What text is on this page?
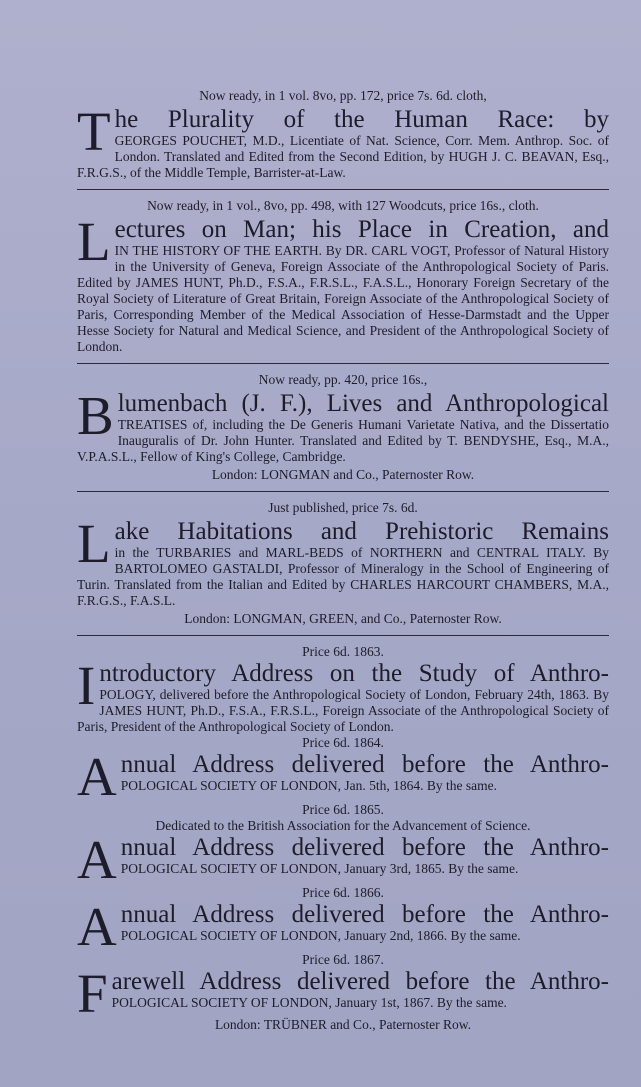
Now ready, in 1 vol. 8vo, pp. 172, price 7s. 6d. cloth,

T he Plurality of the Human Race: by

GEORGES POUCHET, M.D., Licentiate of Nat. Science, Corr. Mem. Anthrop. Soc. of London. Translated and Edited from the Second Edition, by HUGH J. C. BEAVAN, Esq., F.R.G.S., of the Middle Temple, Barrister-at-Law.

Now ready, in 1 vol., 8vo, pp. 498, with 127 Woodcuts, price 16s., cloth.

L ectures on Man; his Place in Creation, and

IN THE HISTORY OF THE EARTH. By DR. CARL VOGT, Professor of Natural History in the University of Geneva, Foreign Associate of the Anthropological Society of Paris. Edited by JAMES HUNT, Ph.D., F.S.A., F.R.S.L., F.A.S.L., Honorary Foreign Secretary of the Royal Society of Literature of Great Britain, Foreign Associate of the Anthropological Society of Paris, Corresponding Member of the Medical Association of Hesse-Darmstadt and the Upper Hesse Society for Natural and Medical Science, and President of the Anthropological Society of London.

Now ready, pp. 420, price 16s.,

B lumenbach (J. F.), Lives and Anthropological

TREATISES of, including the De Generis Humani Varietate Nativa, and the Dissertatio Inauguralis of Dr. John Hunter. Translated and Edited by T. BENDYSHE, Esq., M.A., V.P.A.S.L., Fellow of King's College, Cambridge.

London: LONGMAN and Co., Paternoster Row.

Just published, price 7s. 6d.

L ake Habitations and Prehistoric Remains

in the TURBARIES and MARL-BEDS of NORTHERN and CENTRAL ITALY. By BARTOLOMEO GASTALDI, Professor of Mineralogy in the School of Engineering of Turin. Translated from the Italian and Edited by CHARLES HARCOURT CHAMBERS, M.A., F.R.G.S., F.A.S.L.

London: LONGMAN, GREEN, and Co., Paternoster Row.

Price 6d. 1863.

I ntroductory Address on the Study of Anthro-

POLOGY, delivered before the Anthropological Society of London, February 24th, 1863. By JAMES HUNT, Ph.D., F.S.A., F.R.S.L., Foreign Associate of the Anthropological Society of Paris, President of the Anthropological Society of London.

Price 6d. 1864.

A nnual Address delivered before the Anthro-

POLOGICAL SOCIETY OF LONDON, Jan. 5th, 1864. By the same.

Price 6d. 1865.

Dedicated to the British Association for the Advancement of Science.

A nnual Address delivered before the Anthro-

POLOGICAL SOCIETY OF LONDON, January 3rd, 1865. By the same.

Price 6d. 1866.

A nnual Address delivered before the Anthro-

POLOGICAL SOCIETY OF LONDON, January 2nd, 1866. By the same.

Price 6d. 1867.

F arewell Address delivered before the Anthro-

POLOGICAL SOCIETY OF LONDON, January 1st, 1867. By the same.

London: TRÜBNER and Co., Paternoster Row.
